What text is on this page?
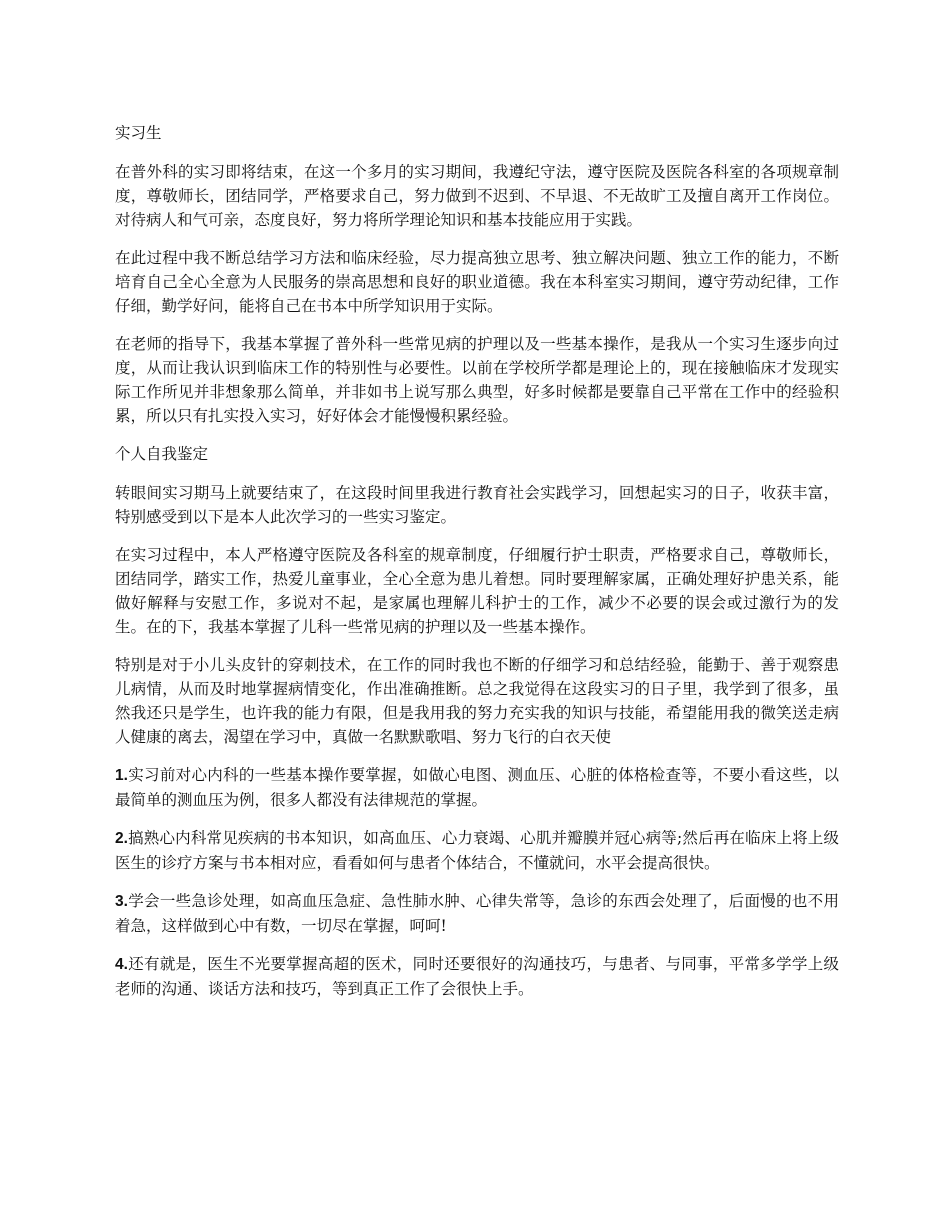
实习生

在普外科的实习即将结束，在这一个多月的实习期间，我遵纪守法，遵守医院及医院各科室的各项规章制度，尊敬师长，团结同学，严格要求自己，努力做到不迟到、不早退、不无故旷工及擅自离开工作岗位。对待病人和气可亲，态度良好，努力将所学理论知识和基本技能应用于实践。

在此过程中我不断总结学习方法和临床经验，尽力提高独立思考、独立解决问题、独立工作的能力，不断培育自己全心全意为人民服务的崇高思想和良好的职业道德。我在本科室实习期间，遵守劳动纪律，工作仔细，勤学好问，能将自己在书本中所学知识用于实际。

在老师的指导下，我基本掌握了普外科一些常见病的护理以及一些基本操作，是我从一个实习生逐步向过度，从而让我认识到临床工作的特别性与必要性。以前在学校所学都是理论上的，现在接触临床才发现实际工作所见并非想象那么简单，并非如书上说写那么典型，好多时候都是要靠自己平常在工作中的经验积累，所以只有扎实投入实习，好好体会才能慢慢积累经验。

个人自我鉴定

转眼间实习期马上就要结束了，在这段时间里我进行教育社会实践学习，回想起实习的日子，收获丰富，特别感受到以下是本人此次学习的一些实习鉴定。

在实习过程中，本人严格遵守医院及各科室的规章制度，仔细履行护士职责，严格要求自己，尊敬师长，团结同学，踏实工作，热爱儿童事业，全心全意为患儿着想。同时要理解家属，正确处理好护患关系，能做好解释与安慰工作，多说对不起，是家属也理解儿科护士的工作，减少不必要的误会或过激行为的发生。在的下，我基本掌握了儿科一些常见病的护理以及一些基本操作。

特别是对于小儿头皮针的穿刺技术，在工作的同时我也不断的仔细学习和总结经验，能勤于、善于观察患儿病情，从而及时地掌握病情变化，作出准确推断。总之我觉得在这段实习的日子里，我学到了很多，虽然我还只是学生，也许我的能力有限，但是我用我的努力充实我的知识与技能，希望能用我的微笑送走病人健康的离去，渴望在学习中，真做一名默默歌唱、努力飞行的白衣天使

1.实习前对心内科的一些基本操作要掌握，如做心电图、测血压、心脏的体格检查等，不要小看这些，以最简单的测血压为例，很多人都没有法律规范的掌握。

2.搞熟心内科常见疾病的书本知识，如高血压、心力衰竭、心肌并瓣膜并冠心病等;然后再在临床上将上级医生的诊疗方案与书本相对应，看看如何与患者个体结合，不懂就问，水平会提高很快。

3.学会一些急诊处理，如高血压急症、急性肺水肿、心律失常等，急诊的东西会处理了，后面慢的也不用着急，这样做到心中有数，一切尽在掌握，呵呵!

4.还有就是，医生不光要掌握高超的医术，同时还要很好的沟通技巧，与患者、与同事，平常多学学上级老师的沟通、谈话方法和技巧，等到真正工作了会很快上手。
